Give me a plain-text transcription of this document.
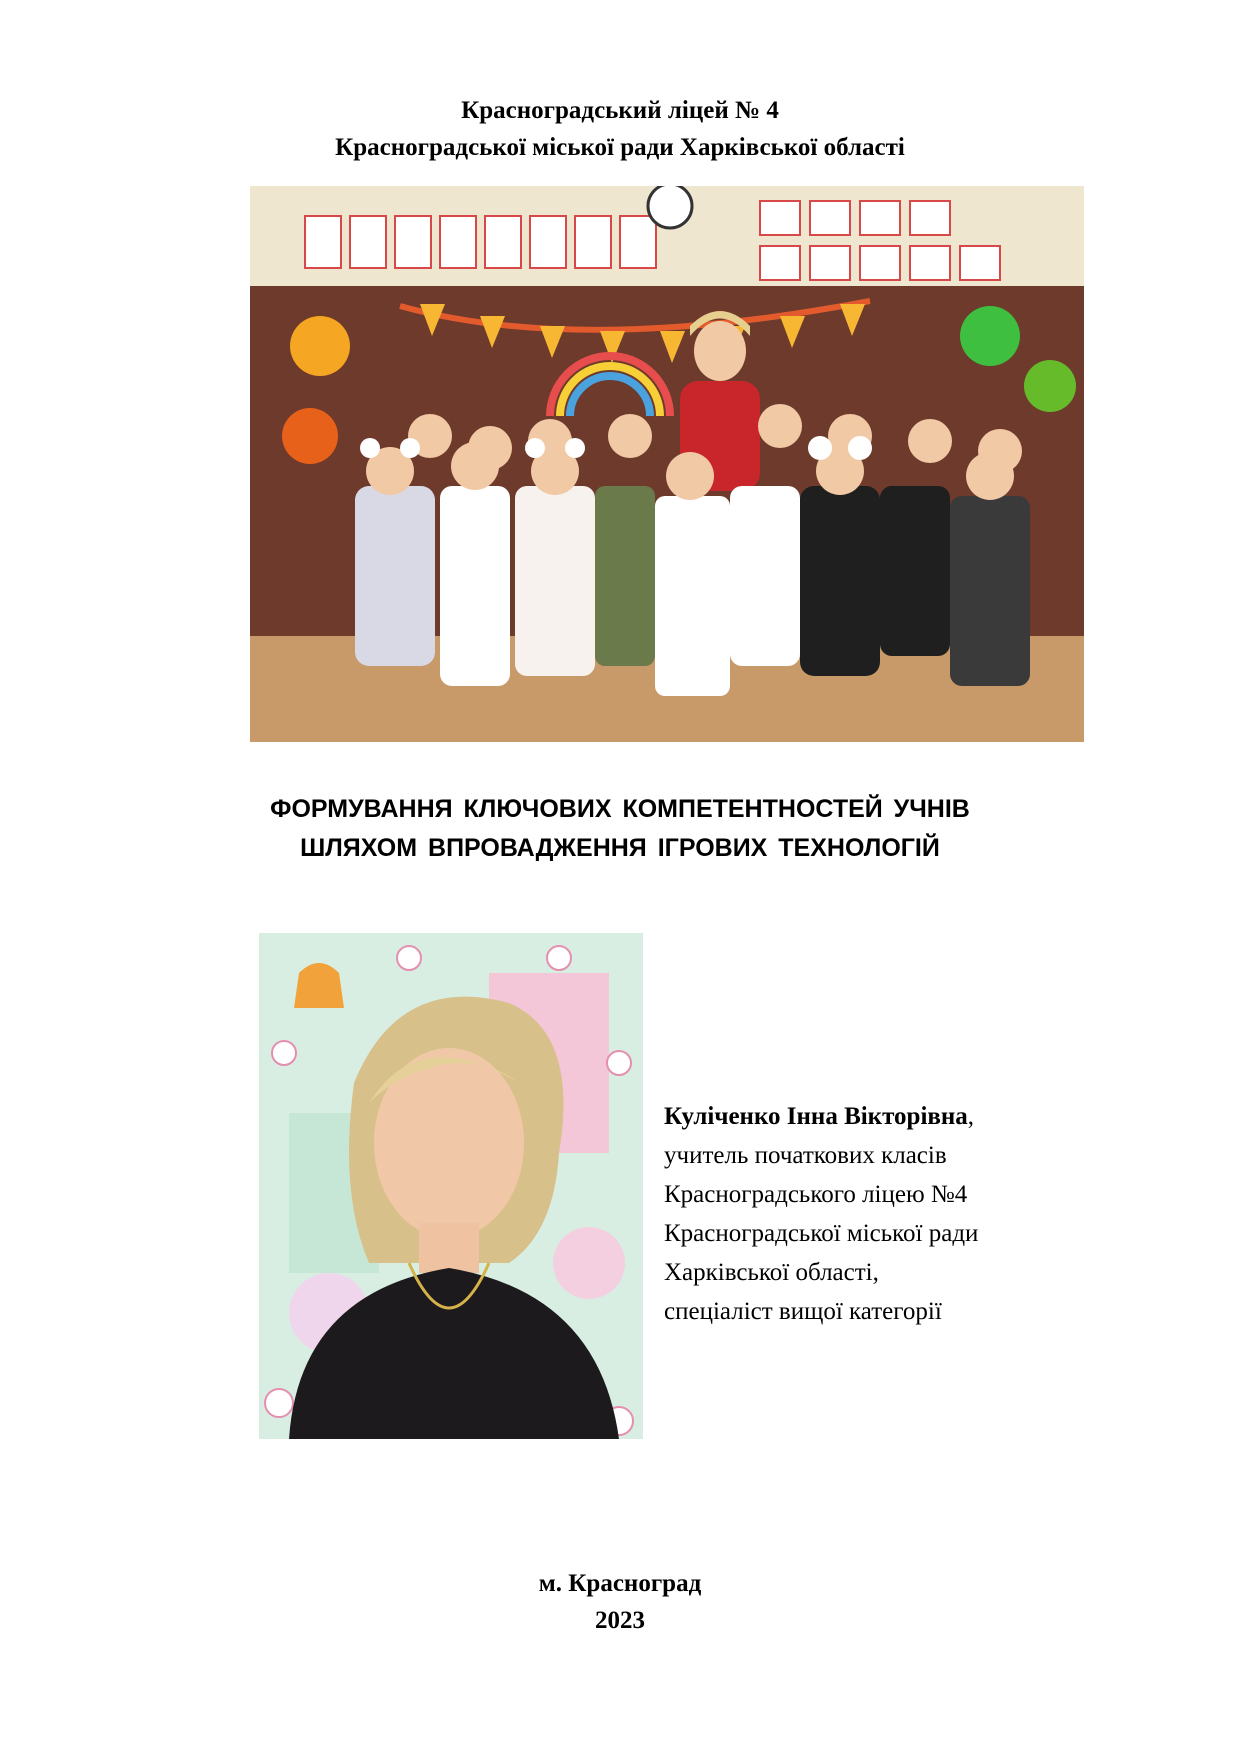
Красноградський ліцей № 4
Красноградської міської ради Харківської області
ФОРМУВАННЯ КЛЮЧОВИХ КОМПЕТЕНТНОСТЕЙ УЧНІВ
ШЛЯХОМ ВПРОВАДЖЕННЯ ІГРОВИХ ТЕХНОЛОГІЙ
Куліченко Інна Вікторівна,
учитель початкових класів
Красноградського ліцею №4
Красноградської міської ради
Харківської області,
спеціаліст вищої категорії
м. Красноград
2023
